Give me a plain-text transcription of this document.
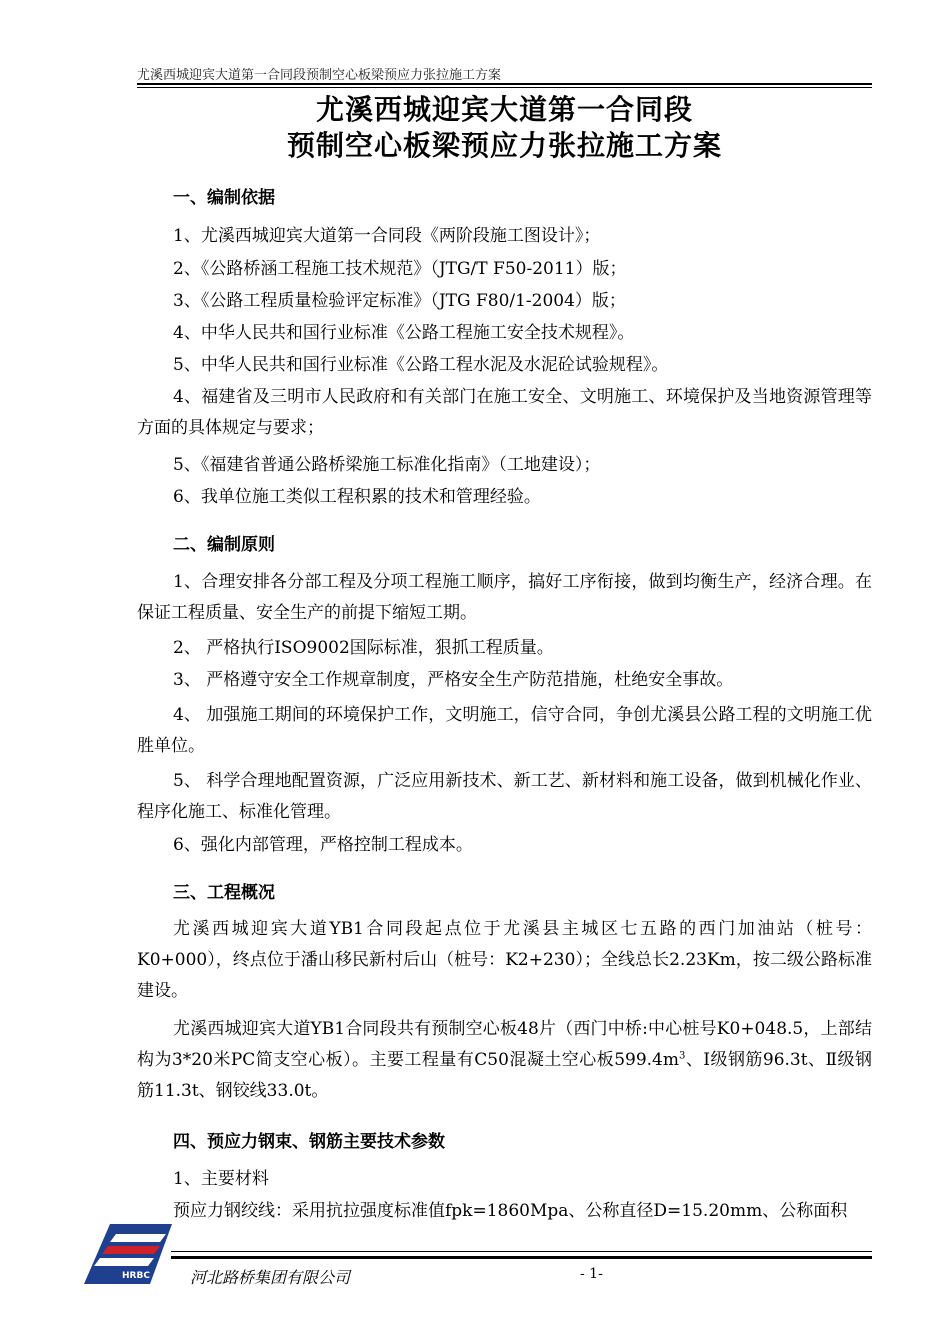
尤溪西城迎宾大道第一合同段预制空心板梁预应力张拉施工方案
尤溪西城迎宾大道第一合同段
预制空心板梁预应力张拉施工方案
一、编制依据
1、尤溪西城迎宾大道第一合同段《两阶段施工图设计》；
2、《公路桥涵工程施工技术规范》（JTG/T F50-2011）版；
3、《公路工程质量检验评定标准》（JTG F80/1-2004）版；
4、中华人民共和国行业标准《公路工程施工安全技术规程》。
5、中华人民共和国行业标准《公路工程水泥及水泥砼试验规程》。
4、福建省及三明市人民政府和有关部门在施工安全、文明施工、环境保护及当地资源管理等方面的具体规定与要求；
5、《福建省普通公路桥梁施工标准化指南》（工地建设）；
6、我单位施工类似工程积累的技术和管理经验。
二、编制原则
1、合理安排各分部工程及分项工程施工顺序，搞好工序衔接，做到均衡生产，经济合理。在保证工程质量、安全生产的前提下缩短工期。
2、 严格执行ISO9002国际标准，狠抓工程质量。
3、 严格遵守安全工作规章制度，严格安全生产防范措施，杜绝安全事故。
4、 加强施工期间的环境保护工作，文明施工，信守合同，争创尤溪县公路工程的文明施工优胜单位。
5、 科学合理地配置资源，广泛应用新技术、新工艺、新材料和施工设备，做到机械化作业、程序化施工、标准化管理。
6、强化内部管理，严格控制工程成本。
三、工程概况
尤溪西城迎宾大道YB1合同段起点位于尤溪县主城区七五路的西门加油站（桩号：K0+000），终点位于潘山移民新村后山（桩号：K2+230）；全线总长2.23Km，按二级公路标准建设。
尤溪西城迎宾大道YB1合同段共有预制空心板48片（西门中桥:中心桩号K0+048.5，上部结构为3*20米PC简支空心板）。主要工程量有C50混凝土空心板$599.4m^3$、Ⅰ级钢筋96.3t、Ⅱ级钢筋11.3t、钢铰线33.0t。
四、预应力钢束、钢筋主要技术参数
1、主要材料
预应力钢绞线：采用抗拉强度标准值fpk=1860Mpa、公称直径D=15.20mm、公称面积
HRBC	河北路桥集团有限公司	- 1-
